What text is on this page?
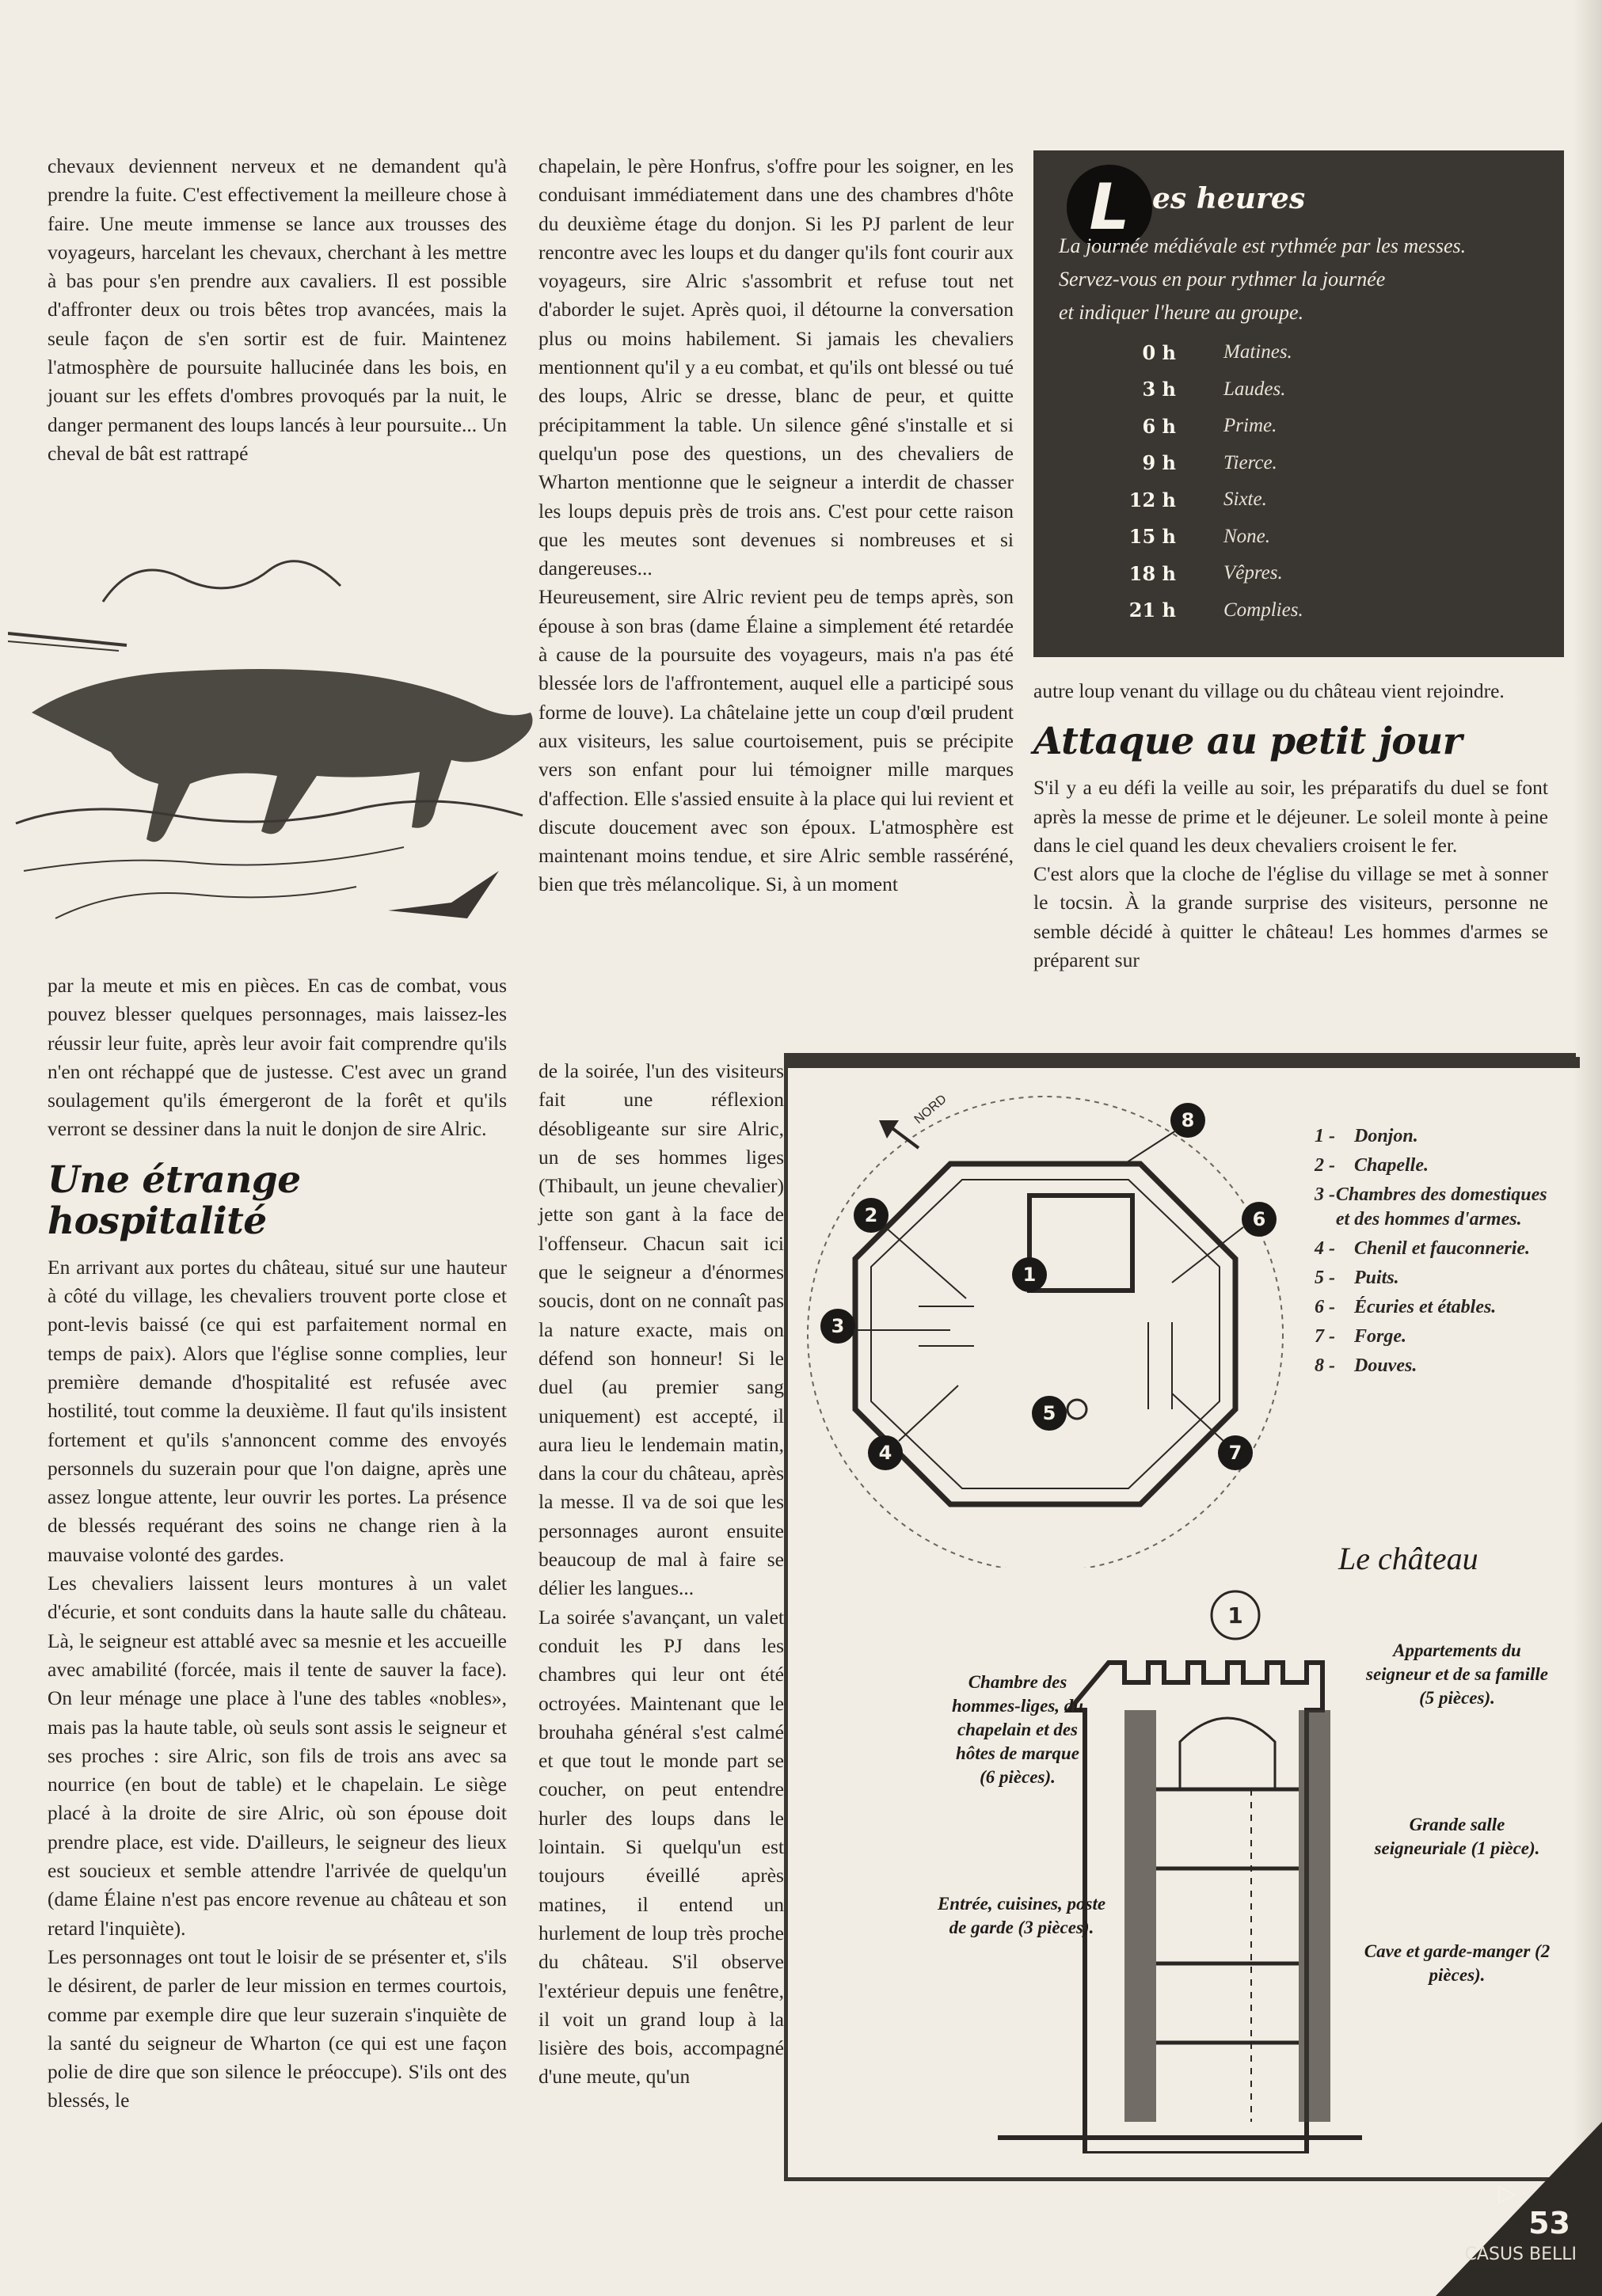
chevaux deviennent nerveux et ne demandent qu'à prendre la fuite. C'est effectivement la meilleure chose à faire. Une meute immense se lance aux trousses des voyageurs, harcelant les chevaux, cherchant à les mettre à bas pour s'en prendre aux cavaliers. Il est possible d'affronter deux ou trois bêtes trop avancées, mais la seule façon de s'en sortir est de fuir. Maintenez l'atmosphère de poursuite hallucinée dans les bois, en jouant sur les effets d'ombres provoqués par la nuit, le danger permanent des loups lancés à leur poursuite... Un cheval de bât est rattrapé

par la meute et mis en pièces. En cas de combat, vous pouvez blesser quelques personnages, mais laissez-les réussir leur fuite, après leur avoir fait comprendre qu'ils n'en ont réchappé que de justesse. C'est avec un grand soulagement qu'ils émergeront de la forêt et qu'ils verront se dessiner dans la nuit le donjon de sire Alric.

Une étrange hospitalité

En arrivant aux portes du château, situé sur une hauteur à côté du village, les chevaliers trouvent porte close et pont-levis baissé (ce qui est parfaitement normal en temps de paix). Alors que l'église sonne complies, leur première demande d'hospitalité est refusée avec hostilité, tout comme la deuxième. Il faut qu'ils insistent fortement et qu'ils s'annoncent comme des envoyés personnels du suzerain pour que l'on daigne, après une assez longue attente, leur ouvrir les portes. La présence de blessés requérant des soins ne change rien à la mauvaise volonté des gardes.

Les chevaliers laissent leurs montures à un valet d'écurie, et sont conduits dans la haute salle du château. Là, le seigneur est attablé avec sa mesnie et les accueille avec amabilité (forcée, mais il tente de sauver la face). On leur ménage une place à l'une des tables «nobles», mais pas la haute table, où seuls sont assis le seigneur et ses proches : sire Alric, son fils de trois ans avec sa nourrice (en bout de table) et le chapelain. Le siège placé à la droite de sire Alric, où son épouse doit prendre place, est vide. D'ailleurs, le seigneur des lieux est soucieux et semble attendre l'arrivée de quelqu'un (dame Élaine n'est pas encore revenue au château et son retard l'inquiète).

Les personnages ont tout le loisir de se présenter et, s'ils le désirent, de parler de leur mission en termes courtois, comme par exemple dire que leur suzerain s'inquiète de la santé du seigneur de Wharton (ce qui est une façon polie de dire que son silence le préoccupe). S'ils ont des blessés, le

chapelain, le père Honfrus, s'offre pour les soigner, en les conduisant immédiatement dans une des chambres d'hôte du deuxième étage du donjon. Si les PJ parlent de leur rencontre avec les loups et du danger qu'ils font courir aux voyageurs, sire Alric s'assombrit et refuse tout net d'aborder le sujet. Après quoi, il détourne la conversation plus ou moins habilement. Si jamais les chevaliers mentionnent qu'il y a eu combat, et qu'ils ont blessé ou tué des loups, Alric se dresse, blanc de peur, et quitte précipitamment la table. Un silence gêné s'installe et si quelqu'un pose des questions, un des chevaliers de Wharton mentionne que le seigneur a interdit de chasser les loups depuis près de trois ans. C'est pour cette raison que les meutes sont devenues si nombreuses et si dangereuses...

Heureusement, sire Alric revient peu de temps après, son épouse à son bras (dame Élaine a simplement été retardée à cause de la poursuite des voyageurs, mais n'a pas été blessée lors de l'affrontement, auquel elle a participé sous forme de louve). La châtelaine jette un coup d'œil prudent aux visiteurs, les salue courtoisement, puis se précipite vers son enfant pour lui témoigner mille marques d'affection. Elle s'assied ensuite à la place qui lui revient et discute doucement avec son époux. L'atmosphère est maintenant moins tendue, et sire Alric semble rasséréné, bien que très mélancolique. Si, à un moment

de la soirée, l'un des visiteurs fait une réflexion désobligeante sur sire Alric, un de ses hommes liges (Thibault, un jeune chevalier) jette son gant à la face de l'offenseur. Chacun sait ici que le seigneur a d'énormes soucis, dont on ne connaît pas la nature exacte, mais on défend son honneur! Si le duel (au premier sang uniquement) est accepté, il aura lieu le lendemain matin, dans la cour du château, après la messe. Il va de soi que les personnages auront ensuite beaucoup de mal à faire se délier les langues...

La soirée s'avançant, un valet conduit les PJ dans les chambres qui leur ont été octroyées. Maintenant que le brouhaha général s'est calmé et que tout le monde part se coucher, on peut entendre hurler des loups dans le lointain. Si quelqu'un est toujours éveillé après matines, il entend un hurlement de loup très proche du château. S'il observe l'extérieur depuis une fenêtre, il voit un grand loup à la lisière des bois, accompagné d'une meute, qu'un

L es heures

La journée médiévale est rythmée par les messes.

Servez-vous en pour rythmer la journée

et indiquer l'heure au groupe.

0 h	Matines.
3 h	Laudes.
6 h	Prime.
9 h	Tierce.
12 h	Sixte.
15 h	None.
18 h	Vêpres.
21 h	Complies.

autre loup venant du village ou du château vient rejoindre.

Attaque au petit jour

S'il y a eu défi la veille au soir, les préparatifs du duel se font après la messe de prime et le déjeuner. Le soleil monte à peine dans le ciel quand les deux chevaliers croisent le fer.

C'est alors que la cloche de l'église du village se met à sonner le tocsin. À la grande surprise des visiteurs, personne ne semble décidé à quitter le château! Les hommes d'armes se préparent sur

NORD
1
2
3
4
5
6
7
8
1 -	Donjon.
2 -	Chapelle.
3 - Chambres des domestiques et des hommes d'armes.
4 -	Chenil et fauconnerie.
5 -	Puits.
6 -	Écuries et étables.
7 -	Forge.
8 -	Douves.
Le château
1
Appartements du seigneur et de sa famille (5 pièces).
Chambre des hommes-liges, du chapelain et des hôtes de marque (6 pièces).
Grande salle seigneuriale (1 pièce).
Entrée, cuisines, poste de garde (3 pièces).
Cave et garde-manger (2 pièces).
▷
53
CASUS BELLI
